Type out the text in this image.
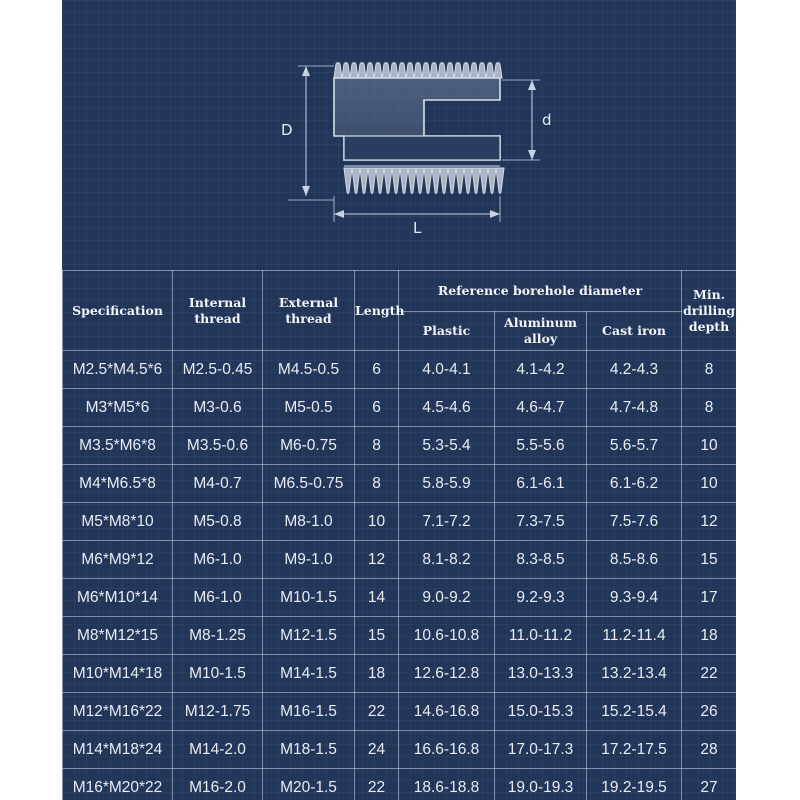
D
d
L
Specification	Internal thread	External thread	Length	Reference borehole diameter			Min. drilling depth
				Plastic	Aluminum alloy	Cast iron	
M2.5*M4.5*6	M2.5-0.45	M4.5-0.5	6	4.0-4.1	4.1-4.2	4.2-4.3	8
M3*M5*6	M3-0.6	M5-0.5	6	4.5-4.6	4.6-4.7	4.7-4.8	8
M3.5*M6*8	M3.5-0.6	M6-0.75	8	5.3-5.4	5.5-5.6	5.6-5.7	10
M4*M6.5*8	M4-0.7	M6.5-0.75	8	5.8-5.9	6.1-6.1	6.1-6.2	10
M5*M8*10	M5-0.8	M8-1.0	10	7.1-7.2	7.3-7.5	7.5-7.6	12
M6*M9*12	M6-1.0	M9-1.0	12	8.1-8.2	8.3-8.5	8.5-8.6	15
M6*M10*14	M6-1.0	M10-1.5	14	9.0-9.2	9.2-9.3	9.3-9.4	17
M8*M12*15	M8-1.25	M12-1.5	15	10.6-10.8	11.0-11.2	11.2-11.4	18
M10*M14*18	M10-1.5	M14-1.5	18	12.6-12.8	13.0-13.3	13.2-13.4	22
M12*M16*22	M12-1.75	M16-1.5	22	14.6-16.8	15.0-15.3	15.2-15.4	26
M14*M18*24	M14-2.0	M18-1.5	24	16.6-16.8	17.0-17.3	17.2-17.5	28
M16*M20*22	M16-2.0	M20-1.5	22	18.6-18.8	19.0-19.3	19.2-19.5	27
